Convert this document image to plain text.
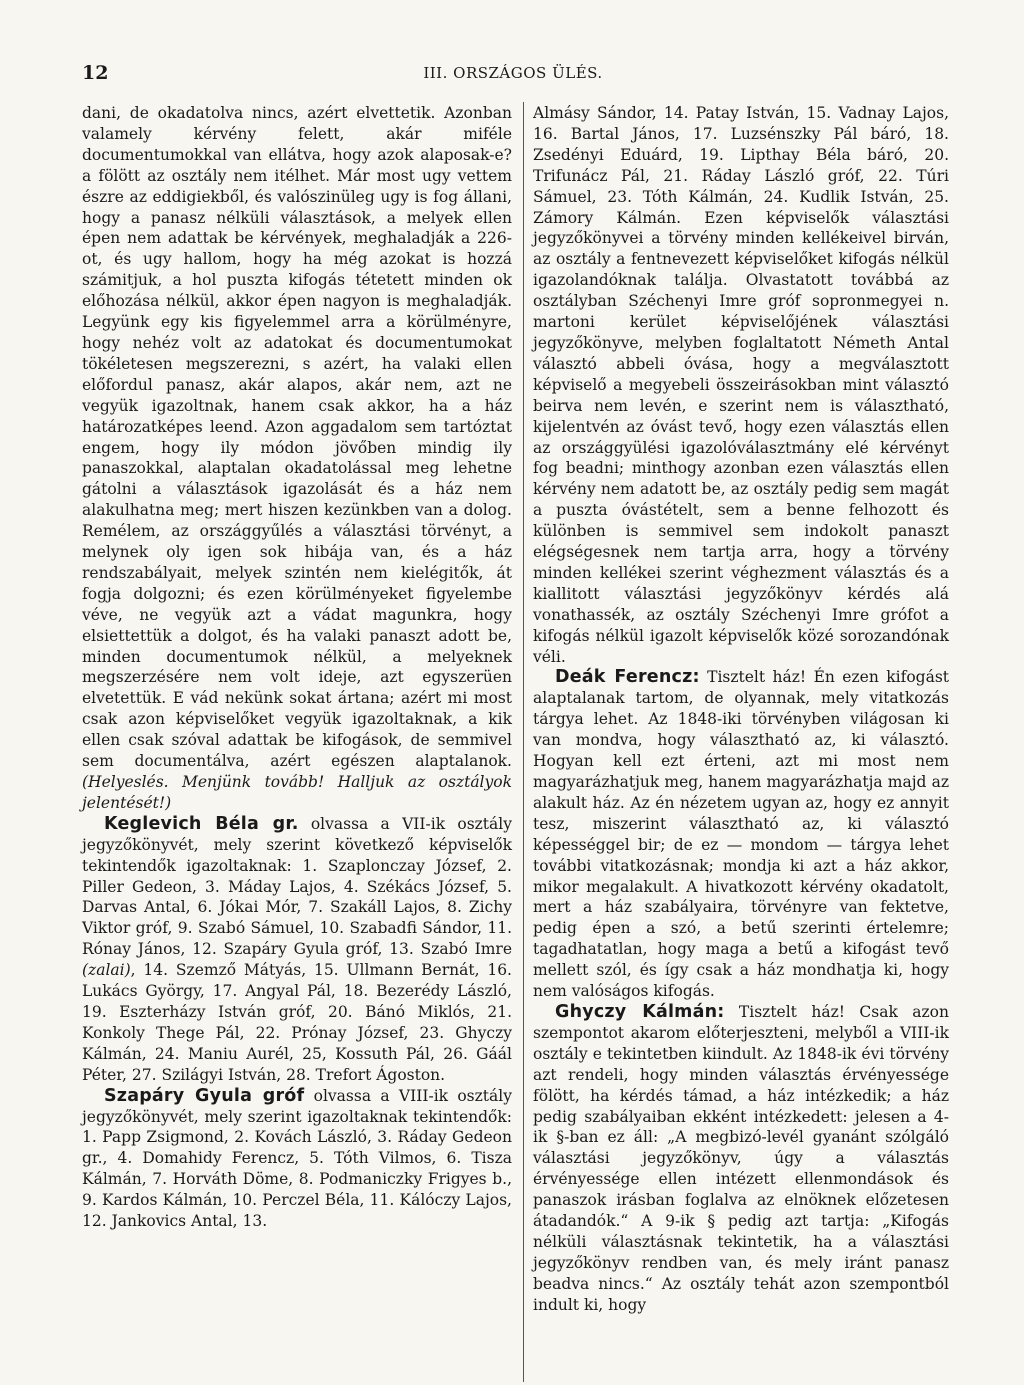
12	III. ORSZÁGOS ÜLÉS.

dani, de okadatolva nincs, azért elvettetik. Azonban valamely kérvény felett, akár miféle documentumokkal van ellátva, hogy azok alaposak-e? a fölött az osztály nem itélhet. Már most ugy vettem észre az eddigiekből, és valószinüleg ugy is fog állani, hogy a panasz nélküli választások, a melyek ellen épen nem adattak be kérvények, meghaladják a 226-ot, és ugy hallom, hogy ha még azokat is hozzá számitjuk, a hol puszta kifogás tétetett minden ok előhozása nélkül, akkor épen nagyon is meghaladják. Legyünk egy kis figyelemmel arra a körülményre, hogy nehéz volt az adatokat és documentumokat tökéletesen megszerezni, s azért, ha valaki ellen előfordul panasz, akár alapos, akár nem, azt ne vegyük igazoltnak, hanem csak akkor, ha a ház határozatképes leend. Azon aggadalom sem tartóztat engem, hogy ily módon jövőben mindig ily panaszokkal, alaptalan okadatolással meg lehetne gátolni a választások igazolását és a ház nem alakulhatna meg; mert hiszen kezünkben van a dolog. Remélem, az országgyűlés a választási törvényt, a melynek oly igen sok hibája van, és a ház rendszabályait, melyek szintén nem kielégitők, át fogja dolgozni; és ezen körülményeket figyelembe véve, ne vegyük azt a vádat magunkra, hogy elsiettettük a dolgot, és ha valaki panaszt adott be, minden documentumok nélkül, a melyeknek megszerzésére nem volt ideje, azt egyszerüen elvetettük. E vád nekünk sokat ártana; azért mi most csak azon képviselőket vegyük igazoltaknak, a kik ellen csak szóval adattak be kifogások, de semmivel sem documentálva, azért egészen alaptalanok. (Helyeslés. Menjünk tovább! Halljuk az osztályok jelentését!)

Keglevich Béla gr. olvassa a VII-ik osztály jegyzőkönyvét, mely szerint következő képviselők tekintendők igazoltaknak: 1. Szaplonczay József, 2. Piller Gedeon, 3. Máday Lajos, 4. Székács József, 5. Darvas Antal, 6. Jókai Mór, 7. Szakáll Lajos, 8. Zichy Viktor gróf, 9. Szabó Sámuel, 10. Szabadfi Sándor, 11. Rónay János, 12. Szapáry Gyula gróf, 13. Szabó Imre (zalai), 14. Szemző Mátyás, 15. Ullmann Bernát, 16. Lukács György, 17. Angyal Pál, 18. Bezerédy László, 19. Eszterházy István gróf, 20. Bánó Miklós, 21. Konkoly Thege Pál, 22. Prónay József, 23. Ghyczy Kálmán, 24. Maniu Aurél, 25, Kossuth Pál, 26. Gáál Péter, 27. Szilágyi István, 28. Trefort Ágoston.

Szapáry Gyula gróf olvassa a VIII-ik osztály jegyzőkönyvét, mely szerint igazoltaknak tekintendők: 1. Papp Zsigmond, 2. Kovách László, 3. Ráday Gedeon gr., 4. Domahidy Ferencz, 5. Tóth Vilmos, 6. Tisza Kálmán, 7. Horváth Döme, 8. Podmaniczky Frigyes b., 9. Kardos Kálmán, 10. Perczel Béla, 11. Kálóczy Lajos, 12. Jankovics Antal, 13.

Almásy Sándor, 14. Patay István, 15. Vadnay Lajos, 16. Bartal János, 17. Luzsénszky Pál báró, 18. Zsedényi Eduárd, 19. Lipthay Béla báró, 20. Trifunácz Pál, 21. Ráday László gróf, 22. Túri Sámuel, 23. Tóth Kálmán, 24. Kudlik István, 25. Zámory Kálmán. Ezen képviselők választási jegyzőkönyvei a törvény minden kellékeivel birván, az osztály a fentnevezett képviselőket kifogás nélkül igazolandóknak találja. Olvastatott továbbá az osztályban Széchenyi Imre gróf sopronmegyei n. martoni kerület képviselőjének választási jegyzőkönyve, melyben foglaltatott Németh Antal választó abbeli óvása, hogy a megválasztott képviselő a megyebeli összeirásokban mint választó beirva nem levén, e szerint nem is választható, kijelentvén az óvást tevő, hogy ezen választás ellen az országgyülési igazolóválasztmány elé kérvényt fog beadni; minthogy azonban ezen választás ellen kérvény nem adatott be, az osztály pedig sem magát a puszta óvástételt, sem a benne felhozott és különben is semmivel sem indokolt panaszt elégségesnek nem tartja arra, hogy a törvény minden kellékei szerint véghezment választás és a kiallitott választási jegyzőkönyv kérdés alá vonathassék, az osztály Széchenyi Imre grófot a kifogás nélkül igazolt képviselők közé sorozandónak véli.

Deák Ferencz: Tisztelt ház! Én ezen kifogást alaptalanak tartom, de olyannak, mely vitatkozás tárgya lehet. Az 1848-iki törvényben világosan ki van mondva, hogy választható az, ki választó. Hogyan kell ezt érteni, azt mi most nem magyarázhatjuk meg, hanem magyarázhatja majd az alakult ház. Az én nézetem ugyan az, hogy ez annyit tesz, miszerint választható az, ki választó képességgel bir; de ez — mondom — tárgya lehet további vitatkozásnak; mondja ki azt a ház akkor, mikor megalakult. A hivatkozott kérvény okadatolt, mert a ház szabályaira, törvényre van fektetve, pedig épen a szó, a betű szerinti értelemre; tagadhatatlan, hogy maga a betű a kifogást tevő mellett szól, és így csak a ház mondhatja ki, hogy nem valóságos kifogás.

Ghyczy Kálmán: Tisztelt ház! Csak azon szempontot akarom előterjeszteni, melyből a VIII-ik osztály e tekintetben kiindult. Az 1848-ik évi törvény azt rendeli, hogy minden választás érvényessége fölött, ha kérdés támad, a ház intézkedik; a ház pedig szabályaiban ekként intézkedett: jelesen a 4-ik §-ban ez áll: „A megbizó-levél gyanánt szólgáló választási jegyzőkönyv, úgy a választás érvényessége ellen intézett ellenmondások és panaszok irásban foglalva az elnöknek előzetesen átadandók.“ A 9-ik § pedig azt tartja: „Kifogás nélküli választásnak tekintetik, ha a választási jegyzőkönyv rendben van, és mely iránt panasz beadva nincs.“ Az osztály tehát azon szempontból indult ki, hogy
